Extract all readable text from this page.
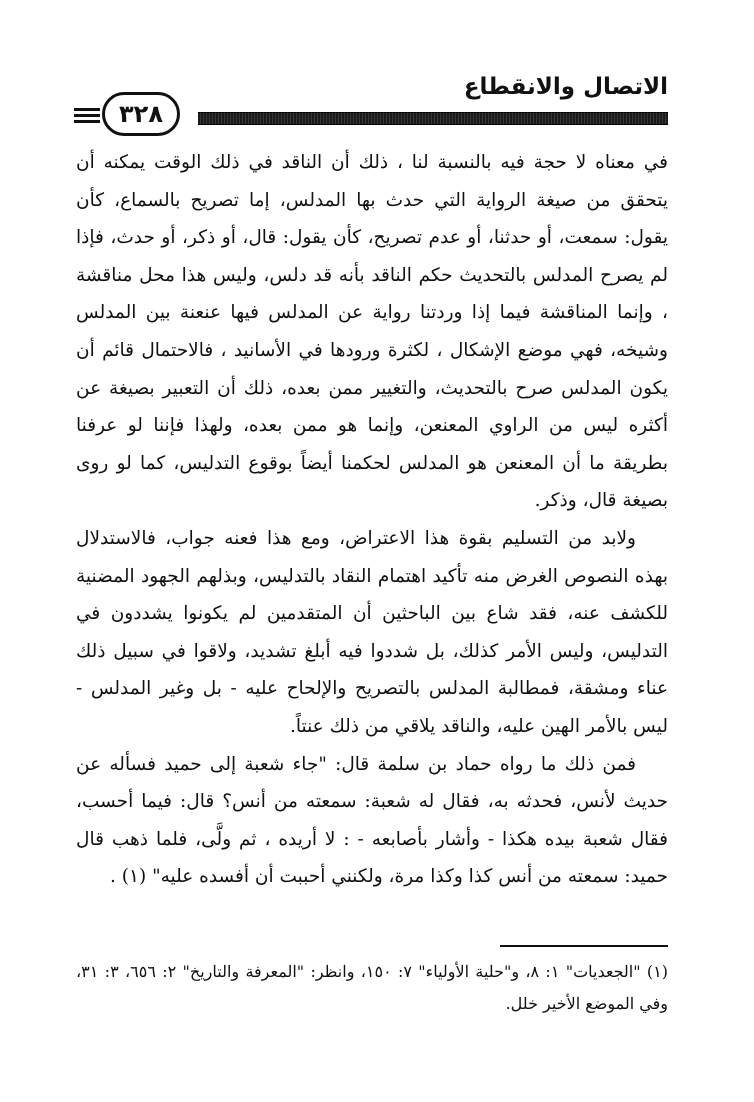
الاتصال والانقطاع
٣٢٨

في معناه لا حجة فيه بالنسبة لنا ، ذلك أن الناقد في ذلك الوقت يمكنه أن يتحقق من صيغة الرواية التي حدث بها المدلس، إما تصريح بالسماع، كأن يقول: سمعت، أو حدثنا، أو عدم تصريح، كأن يقول: قال، أو ذكر، أو حدث، فإذا لم يصرح المدلس بالتحديث حكم الناقد بأنه قد دلس، وليس هذا محل مناقشة ، وإنما المناقشة فيما إذا وردتنا رواية عن المدلس فيها عنعنة بين المدلس وشيخه، فهي موضع الإشكال ، لكثرة ورودها في الأسانيد ، فالاحتمال قائم أن يكون المدلس صرح بالتحديث، والتغيير ممن بعده، ذلك أن التعبير بصيغة عن أكثره ليس من الراوي المعنعن، وإنما هو ممن بعده، ولهذا فإننا لو عرفنا بطريقة ما أن المعنعن هو المدلس لحكمنا أيضاً بوقوع التدليس، كما لو روى بصيغة قال، وذكر.

ولابد من التسليم بقوة هذا الاعتراض، ومع هذا فعنه جواب، فالاستدلال بهذه النصوص الغرض منه تأكيد اهتمام النقاد بالتدليس، وبذلهم الجهود المضنية للكشف عنه، فقد شاع بين الباحثين أن المتقدمين لم يكونوا يشددون في التدليس، وليس الأمر كذلك، بل شددوا فيه أبلغ تشديد، ولاقوا في سبيل ذلك عناء ومشقة، فمطالبة المدلس بالتصريح والإلحاح عليه - بل وغير المدلس - ليس بالأمر الهين عليه، والناقد يلاقي من ذلك عنتاً.

فمن ذلك ما رواه حماد بن سلمة قال: "جاء شعبة إلى حميد فسأله عن حديث لأنس، فحدثه به، فقال له شعبة: سمعته من أنس؟ قال: فيما أحسب، فقال شعبة بيده هكذا - وأشار بأصابعه - : لا أريده ، ثم ولَّى، فلما ذهب قال حميد: سمعته من أنس كذا وكذا مرة، ولكنني أحببت أن أفسده عليه" (١) .

(١) "الجعديات" ١: ٨، و"حلية الأولياء" ٧: ١٥٠، وانظر: "المعرفة والتاريخ" ٢: ٦٥٦، ٣: ٣١، وفي الموضع الأخير خلل.
